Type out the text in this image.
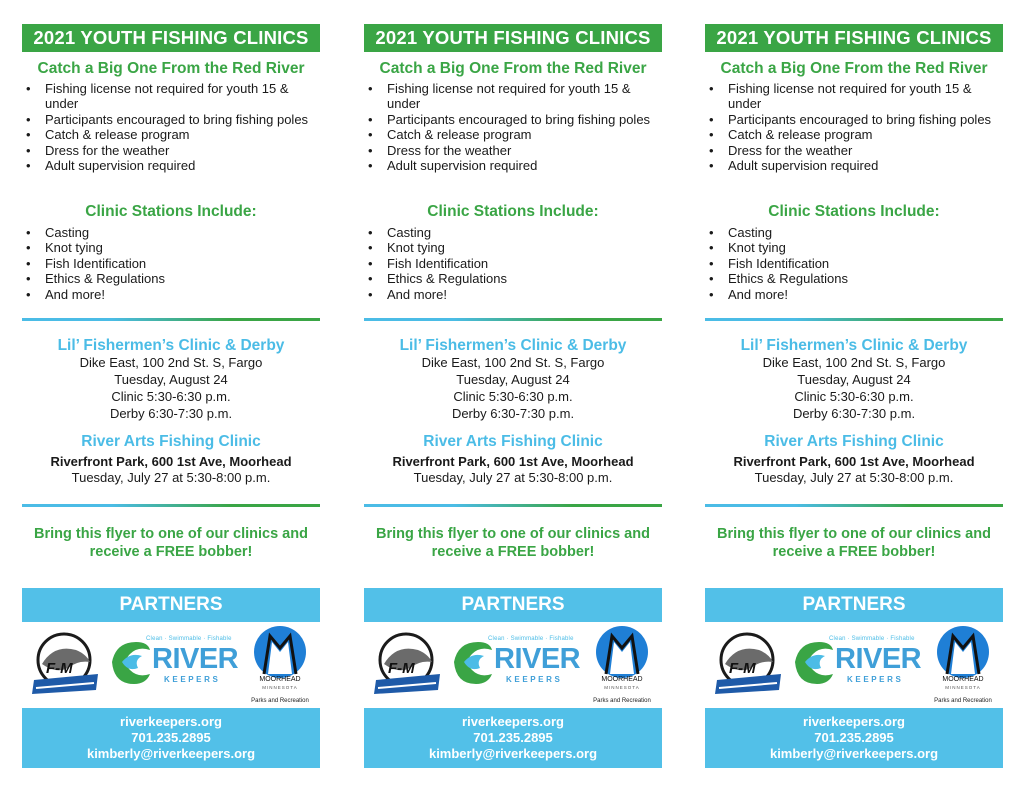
2021 YOUTH FISHING CLINICS
Catch a Big One From the Red River
• Fishing license not required for youth 15 & under
• Participants encouraged to bring fishing poles
• Catch & release program
• Dress for the weather
• Adult supervision required
Clinic Stations Include:
• Casting
• Knot tying
• Fish Identification
• Ethics & Regulations
• And more!
Lil’ Fishermen’s Clinic & Derby
Dike East, 100 2nd St. S, Fargo
Tuesday, August 24
Clinic 5:30-6:30 p.m.
Derby 6:30-7:30 p.m.
River Arts Fishing Clinic
Riverfront Park, 600 1st Ave, Moorhead
Tuesday, July 27 at 5:30-8:00 p.m.
Bring this flyer to one of our clinics and receive a FREE bobber!
PARTNERS
F-M
Clean · Swimmable · Fishable
RIVER
KEEPERS	MOORHEAD
MINNESOTA
Parks and Recreation
riverkeepers.org
701.235.2895
kimberly@riverkeepers.org
2021 YOUTH FISHING CLINICS
Catch a Big One From the Red River
• Fishing license not required for youth 15 & under
• Participants encouraged to bring fishing poles
• Catch & release program
• Dress for the weather
• Adult supervision required
Clinic Stations Include:
• Casting
• Knot tying
• Fish Identification
• Ethics & Regulations
• And more!
Lil’ Fishermen’s Clinic & Derby
Dike East, 100 2nd St. S, Fargo
Tuesday, August 24
Clinic 5:30-6:30 p.m.
Derby 6:30-7:30 p.m.
River Arts Fishing Clinic
Riverfront Park, 600 1st Ave, Moorhead
Tuesday, July 27 at 5:30-8:00 p.m.
Bring this flyer to one of our clinics and receive a FREE bobber!
PARTNERS
F-M
Clean · Swimmable · Fishable
RIVER
KEEPERS	MOORHEAD
MINNESOTA
Parks and Recreation
riverkeepers.org
701.235.2895
kimberly@riverkeepers.org
2021 YOUTH FISHING CLINICS
Catch a Big One From the Red River
• Fishing license not required for youth 15 & under
• Participants encouraged to bring fishing poles
• Catch & release program
• Dress for the weather
• Adult supervision required
Clinic Stations Include:
• Casting
• Knot tying
• Fish Identification
• Ethics & Regulations
• And more!
Lil’ Fishermen’s Clinic & Derby
Dike East, 100 2nd St. S, Fargo
Tuesday, August 24
Clinic 5:30-6:30 p.m.
Derby 6:30-7:30 p.m.
River Arts Fishing Clinic
Riverfront Park, 600 1st Ave, Moorhead
Tuesday, July 27 at 5:30-8:00 p.m.
Bring this flyer to one of our clinics and receive a FREE bobber!
PARTNERS
F-M
Clean · Swimmable · Fishable
RIVER
KEEPERS	MOORHEAD
MINNESOTA
Parks and Recreation
riverkeepers.org
701.235.2895
kimberly@riverkeepers.org
